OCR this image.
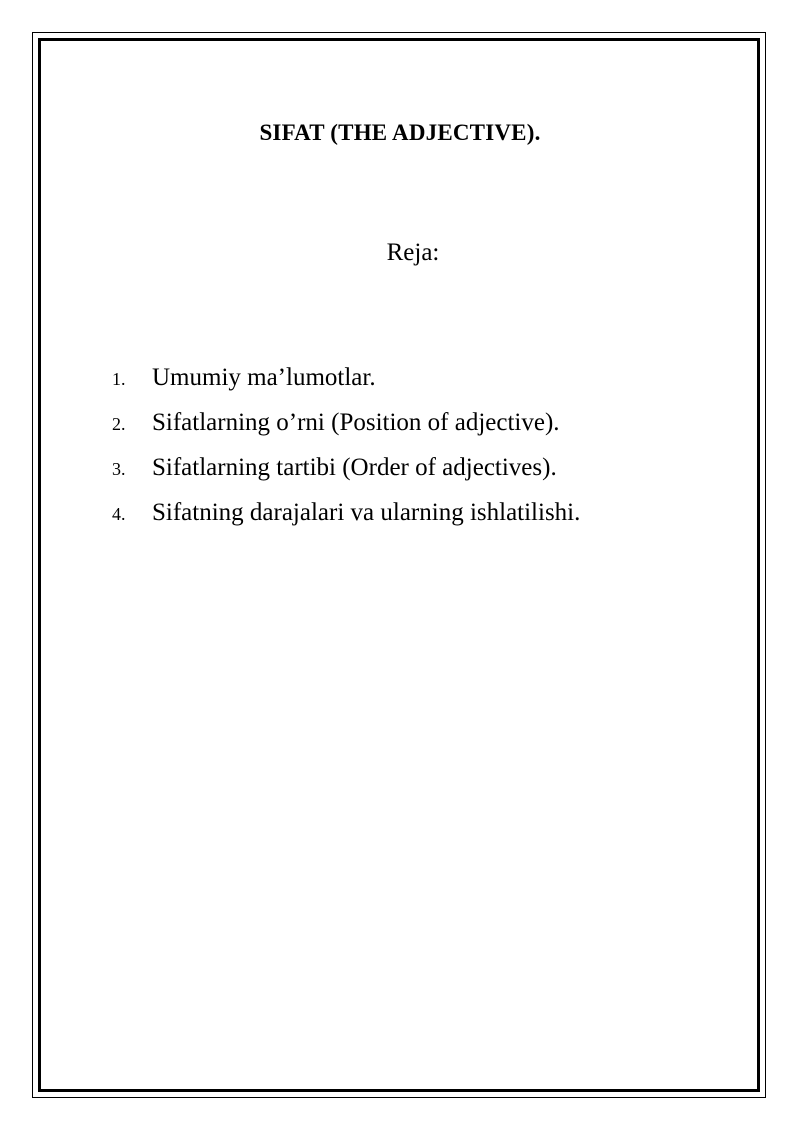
SIFAT (THE ADJECTIVE).

Reja:

1.	Umumiy ma’lumotlar.
2.	Sifatlarning o’rni (Position of adjective).
3.	Sifatlarning tartibi (Order of adjectives).
4.	Sifatning darajalari va ularning ishlatilishi.
